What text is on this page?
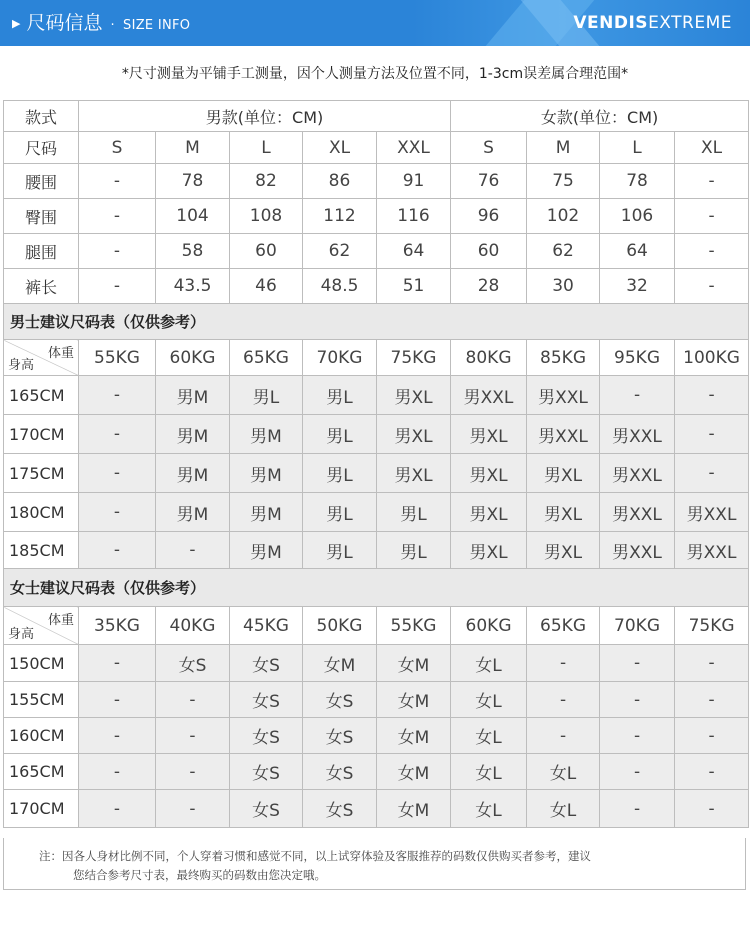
▶ 尺码信息 · SIZE INFO	VENDISEXTREME
*尺寸测量为平铺手工测量，因个人测量方法及位置不同，1-3cm误差属合理范围*
款式	男款(单位：CM)					女款(单位：CM)			
尺码	S	M	L	XL	XXL	S	M	L	XL
腰围	-	78	82	86	91	76	75	78	-
臀围	-	104	108	112	116	96	102	106	-
腿围	-	58	60	62	64	60	62	64	-
裤长	-	43.5	46	48.5	51	28	30	32	-
男士建议尺码表（仅供参考）									

体重
身高	55KG	60KG	65KG	70KG	75KG	80KG	85KG	95KG	100KG
165CM	-	男M	男L	男L	男XL	男XXL	男XXL	-	-
170CM	-	男M	男M	男L	男XL	男XL	男XXL	男XXL	-
175CM	-	男M	男M	男L	男XL	男XL	男XL	男XXL	-
180CM	-	男M	男M	男L	男L	男XL	男XL	男XXL	男XXL
185CM	-	-	男M	男L	男L	男XL	男XL	男XXL	男XXL
女士建议尺码表（仅供参考）									

体重
身高	35KG	40KG	45KG	50KG	55KG	60KG	65KG	70KG	75KG
150CM	-	女S	女S	女M	女M	女L	-	-	-
155CM	-	-	女S	女S	女M	女L	-	-	-
160CM	-	-	女S	女S	女M	女L	-	-	-
165CM	-	-	女S	女S	女M	女L	女L	-	-
170CM	-	-	女S	女S	女M	女L	女L	-	-
注：因各人身材比例不同，个人穿着习惯和感觉不同，以上试穿体验及客服推荐的码数仅供购买者参考，建议
您结合参考尺寸表，最终购买的码数由您决定哦。
